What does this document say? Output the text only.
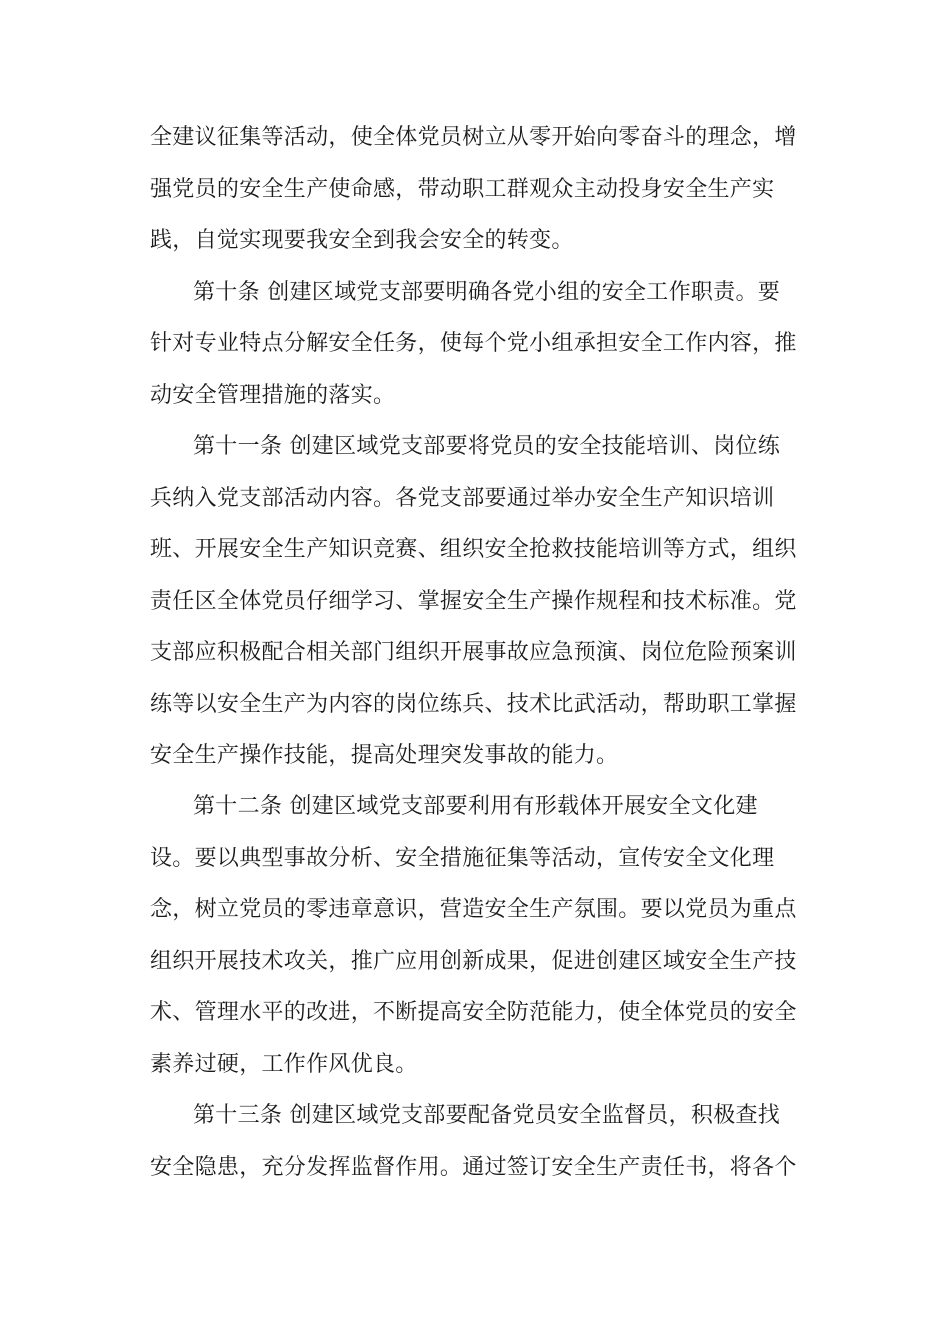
全建议征集等活动，使全体党员树立从零开始向零奋斗的理念，增
强党员的安全生产使命感，带动职工群观众主动投身安全生产实
践，自觉实现要我安全到我会安全的转变。
第十条 创建区域党支部要明确各党小组的安全工作职责。要
针对专业特点分解安全任务，使每个党小组承担安全工作内容，推
动安全管理措施的落实。
第十一条 创建区域党支部要将党员的安全技能培训、岗位练
兵纳入党支部活动内容。各党支部要通过举办安全生产知识培训
班、开展安全生产知识竞赛、组织安全抢救技能培训等方式，组织
责任区全体党员仔细学习、掌握安全生产操作规程和技术标准。党
支部应积极配合相关部门组织开展事故应急预演、岗位危险预案训
练等以安全生产为内容的岗位练兵、技术比武活动，帮助职工掌握
安全生产操作技能，提高处理突发事故的能力。
第十二条 创建区域党支部要利用有形载体开展安全文化建
设。要以典型事故分析、安全措施征集等活动，宣传安全文化理
念，树立党员的零违章意识，营造安全生产氛围。要以党员为重点
组织开展技术攻关，推广应用创新成果，促进创建区域安全生产技
术、管理水平的改进，不断提高安全防范能力，使全体党员的安全
素养过硬，工作作风优良。
第十三条 创建区域党支部要配备党员安全监督员，积极查找
安全隐患，充分发挥监督作用。通过签订安全生产责任书，将各个
